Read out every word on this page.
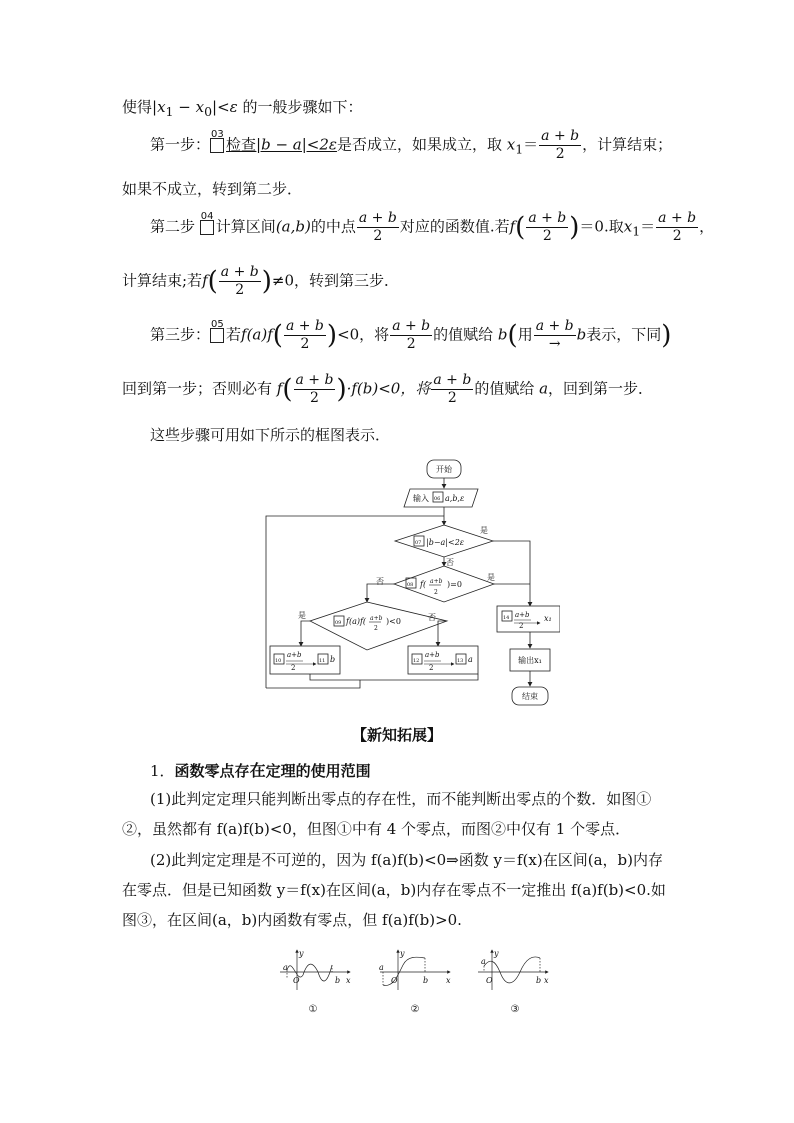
使得$|x_1 - x_0|<\varepsilon$ 的一般步骤如下：
第一步：
03
检查|b − a|<2ε是否成立，如果成立，取 $x_1= \frac{a + b}{2}$ ，计算结束；
如果不成立，转到第二步．
第二步
04
计算区间(a,b)的中点 $\frac{a + b}{2}$ 对应的函数值.若$f( \frac{a + b}{2} )=0$.取$x_1= \frac{a + b}{2}$ ，
计算结束;若$f( \frac{a + b}{2} )\ne 0$，转到第三步．
第三步：
05
若$f(a)f( \frac{a + b}{2} )<0$，将 $\frac{a + b}{2}$ 的值赋给 b(用 $\frac{a + b}{\to}$ b表示，下同)
回到第一步；否则必有 $f( \frac{a + b}{2} )\cdot f(b)<0$，将 $\frac{a + b}{2}$ 的值赋给 a，回到第一步．
这些步骤可用如下所示的框图表示．
开始
输入 a,b,ε
|b−a|<2ε
f( a+b
2
)=0
f(a)f( a+b
2
)<0
a+b
2
b	a+b
2
a
a+b
2
x₁
输出x₁
结束
是
否
是
否
是	否
06
07
08
09
10	11	12	13
14
【新知拓展】
1．函数零点存在定理的使用范围
(1)此判定定理只能判断出零点的存在性，而不能判断出零点的个数．如图①
②，虽然都有 f(a)f(b)<0，但图①中有 4 个零点，而图②中仅有 1 个零点．
(2)此判定定理是不可逆的，因为 f(a)f(b)<0⇒函数 y＝f(x)在区间(a，b)内存
在零点．但是已知函数 y＝f(x)在区间(a，b)内存在零点不一定推出 f(a)f(b)<0.如
图③，在区间(a，b)内函数有零点，但 f(a)f(b)>0.
y
x
O
a
b
y
x
O
a
b
y
x
O
a
b
①	②	③
